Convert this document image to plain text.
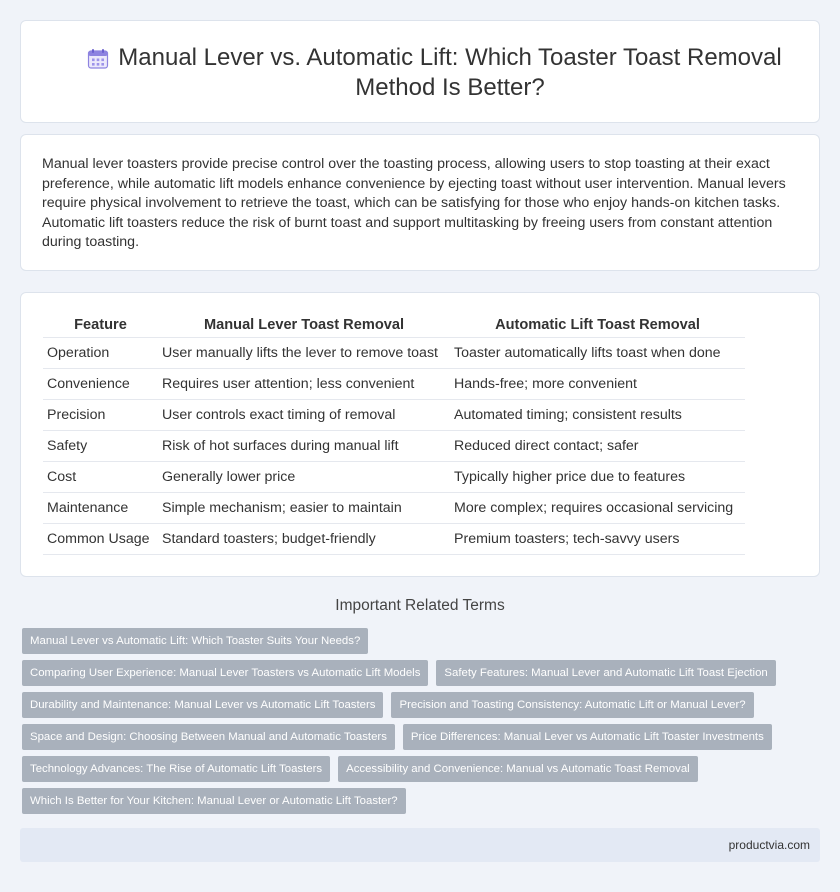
Manual Lever vs. Automatic Lift: Which Toaster Toast Removal Method Is Better?

Manual lever toasters provide precise control over the toasting process, allowing users to stop toasting at their exact preference, while automatic lift models enhance convenience by ejecting toast without user intervention. Manual levers require physical involvement to retrieve the toast, which can be satisfying for those who enjoy hands-on kitchen tasks. Automatic lift toasters reduce the risk of burnt toast and support multitasking by freeing users from constant attention during toasting.

Feature	Manual Lever Toast Removal	Automatic Lift Toast Removal
Operation	User manually lifts the lever to remove toast	Toaster automatically lifts toast when done
Convenience	Requires user attention; less convenient	Hands-free; more convenient
Precision	User controls exact timing of removal	Automated timing; consistent results
Safety	Risk of hot surfaces during manual lift	Reduced direct contact; safer
Cost	Generally lower price	Typically higher price due to features
Maintenance	Simple mechanism; easier to maintain	More complex; requires occasional servicing
Common Usage	Standard toasters; budget-friendly	Premium toasters; tech-savvy users
Important Related Terms
Manual Lever vs Automatic Lift: Which Toaster Suits Your Needs?
Comparing User Experience: Manual Lever Toasters vs Automatic Lift Models	Safety Features: Manual Lever and Automatic Lift Toast Ejection
Durability and Maintenance: Manual Lever vs Automatic Lift Toasters	Precision and Toasting Consistency: Automatic Lift or Manual Lever?
Space and Design: Choosing Between Manual and Automatic Toasters	Price Differences: Manual Lever vs Automatic Lift Toaster Investments
Technology Advances: The Rise of Automatic Lift Toasters	Accessibility and Convenience: Manual vs Automatic Toast Removal
Which Is Better for Your Kitchen: Manual Lever or Automatic Lift Toaster?
productvia.com
